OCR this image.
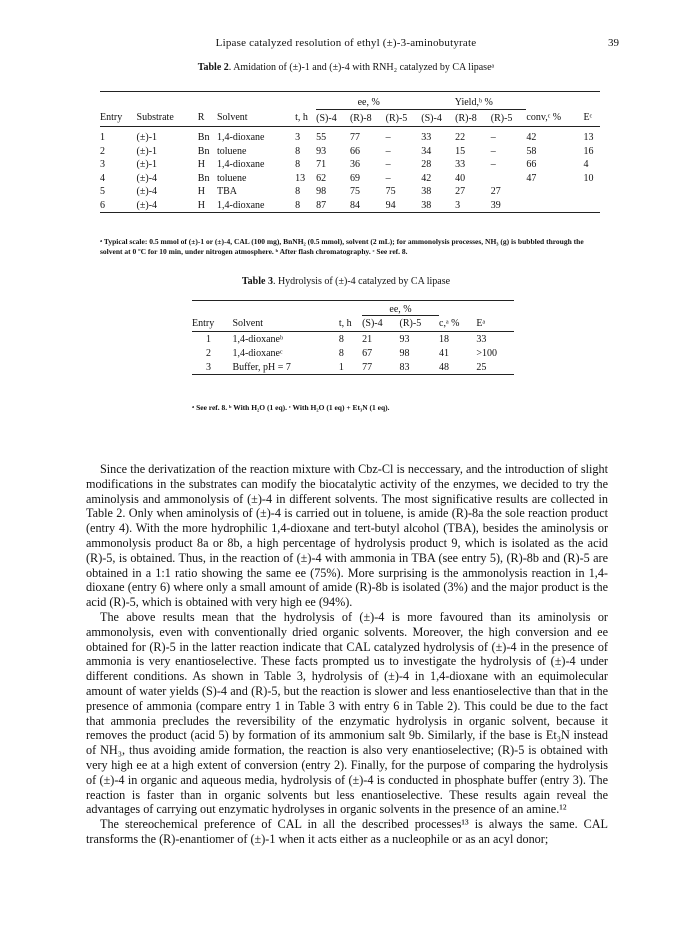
Lipase catalyzed resolution of ethyl (±)-3-aminobutyrate	39
Table 2. Amidation of (±)-1 and (±)-4 with RNH₂ catalyzed by CA lipaseᵃ
					ee, %			Yield,ᵇ %				
Entry	Substrate	R	Solvent	t, h	(S)-4	(R)-8	(R)-5	(S)-4	(R)-8	(R)-5	conv,ᶜ %	Eᶜ
1	(±)-1	Bn	1,4-dioxane	3	55	77	–	33	22	–	42	13
2	(±)-1	Bn	toluene	8	93	66	–	34	15	–	58	16
3	(±)-1	H	1,4-dioxane	8	71	36	–	28	33	–	66	4
4	(±)-4	Bn	toluene	13	62	69	–	42	40		47	10
5	(±)-4	H	TBA	8	98	75	75	38	27	27		
6	(±)-4	H	1,4-dioxane	8	87	84	94	38	3	39		
ᵃ Typical scale: 0.5 mmol of (±)-1 or (±)-4, CAL (100 mg), BnNH₂ (0.5 mmol), solvent (2 mL); for ammonolysis processes, NH₃ (g) is bubbled through the solvent at 0 ºC for 10 min, under nitrogen atmosphere. ᵇ After flash chromatography. ᶜ See ref. 8.
Table 3. Hydrolysis of (±)-4 catalyzed by CA lipase
			ee, %			
Entry	Solvent	t, h	(S)-4	(R)-5	c,ᵃ %	Eᵃ
1	1,4-dioxaneᵇ	8	21	93	18	33
2	1,4-dioxaneᶜ	8	67	98	41	>100
3	Buffer, pH = 7	1	77	83	48	25
ᵃ See ref. 8. ᵇ With H₂O (1 eq). ᶜ With H₂O (1 eq) + Et₃N (1 eq).

Since the derivatization of the reaction mixture with Cbz-Cl is neccessary, and the introduction of slight modifications in the substrates can modify the biocatalytic activity of the enzymes, we decided to try the aminolysis and ammonolysis of (±)-4 in different solvents. The most significative results are collected in Table 2. Only when aminolysis of (±)-4 is carried out in toluene, is amide (R)-8a the sole reaction product (entry 4). With the more hydrophilic 1,4-dioxane and tert-butyl alcohol (TBA), besides the aminolysis or ammonolysis product 8a or 8b, a high percentage of hydrolysis product 9, which is isolated as the acid (R)-5, is obtained. Thus, in the reaction of (±)-4 with ammonia in TBA (see entry 5), (R)-8b and (R)-5 are obtained in a 1:1 ratio showing the same ee (75%). More surprising is the ammonolysis reaction in 1,4-dioxane (entry 6) where only a small amount of amide (R)-8b is isolated (3%) and the major product is the acid (R)-5, which is obtained with very high ee (94%).

The above results mean that the hydrolysis of (±)-4 is more favoured than its aminolysis or ammonolysis, even with conventionally dried organic solvents. Moreover, the high conversion and ee obtained for (R)-5 in the latter reaction indicate that CAL catalyzed hydrolysis of (±)-4 in the presence of ammonia is very enantioselective. These facts prompted us to investigate the hydrolysis of (±)-4 under different conditions. As shown in Table 3, hydrolysis of (±)-4 in 1,4-dioxane with an equimolecular amount of water yields (S)-4 and (R)-5, but the reaction is slower and less enantioselective than that in the presence of ammonia (compare entry 1 in Table 3 with entry 6 in Table 2). This could be due to the fact that ammonia precludes the reversibility of the enzymatic hydrolysis in organic solvent, because it removes the product (acid 5) by formation of its ammonium salt 9b. Similarly, if the base is Et₃N instead of NH₃, thus avoiding amide formation, the reaction is also very enantioselective; (R)-5 is obtained with very high ee at a high extent of conversion (entry 2). Finally, for the purpose of comparing the hydrolysis of (±)-4 in organic and aqueous media, hydrolysis of (±)-4 is conducted in phosphate buffer (entry 3). The reaction is faster than in organic solvents but less enantioselective. These results again reveal the advantages of carrying out enzymatic hydrolyses in organic solvents in the presence of an amine.¹²

The stereochemical preference of CAL in all the described processes¹³ is always the same. CAL transforms the (R)-enantiomer of (±)-1 when it acts either as a nucleophile or as an acyl donor;
